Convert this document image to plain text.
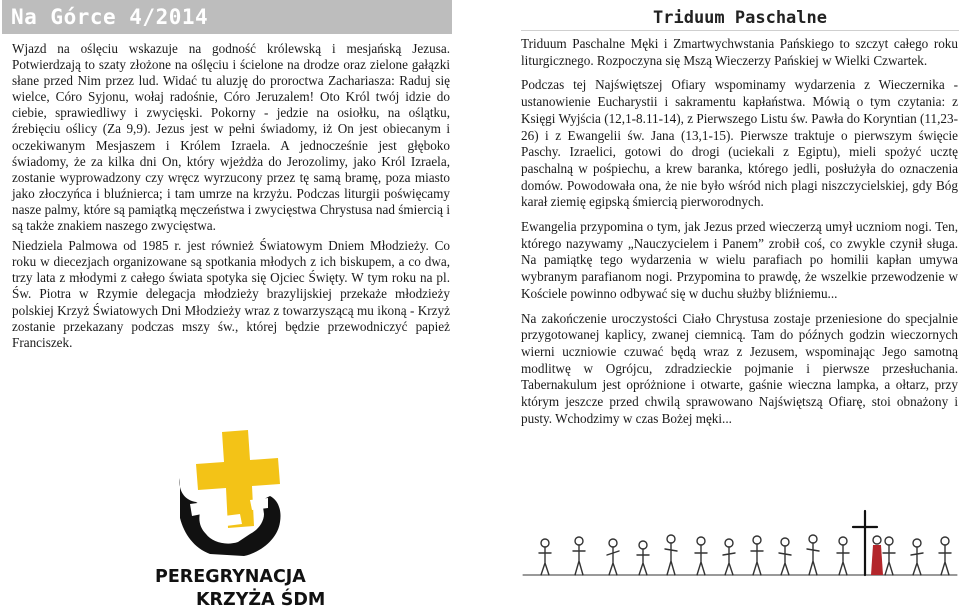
Na Górce 4/2014

Wjazd na oślęciu wskazuje na godność królewską i mesjańską Jezusa. Potwierdzają to szaty złożone na oślęciu i ścielone na drodze oraz zielone gałązki słane przed Nim przez lud. Widać tu aluzję do proroctwa Zachariasza: Raduj się wielce, Córo Syjonu, wołaj radośnie, Córo Jeruzalem! Oto Król twój idzie do ciebie, sprawiedliwy i zwycięski. Pokorny - jedzie na osiołku, na oślątku, źrebięciu oślicy (Za 9,9). Jezus jest w pełni świadomy, iż On jest obiecanym i oczekiwanym Mesjaszem i Królem Izraela. A jednocześnie jest głęboko świadomy, że za kilka dni On, który wjeżdża do Jerozolimy, jako Król Izraela, zostanie wyprowadzony czy wręcz wyrzucony przez tę samą bramę, poza miasto jako złoczyńca i bluźnierca; i tam umrze na krzyżu. Podczas liturgii poświęcamy nasze palmy, które są pamiątką męczeństwa i zwycięstwa Chrystusa nad śmiercią i są także znakiem naszego zwycięstwa.

Niedziela Palmowa od 1985 r. jest również Światowym Dniem Młodzieży. Co roku w diecezjach organizowane są spotkania młodych z ich biskupem, a co dwa, trzy lata z młodymi z całego świata spotyka się Ojciec Święty. W tym roku na pl. Św. Piotra w Rzymie delegacja młodzieży brazylijskiej przekaże młodzieży polskiej Krzyż Światowych Dni Młodzieży wraz z towarzyszącą mu ikoną - Krzyż zostanie przekazany podczas mszy św., której będzie przewodniczyć papież Franciszek.

Triduum Paschalne

Triduum Paschalne Męki i Zmartwychwstania Pańskiego to szczyt całego roku liturgicznego. Rozpoczyna się Mszą Wieczerzy Pańskiej w Wielki Czwartek.

Podczas tej Najświętszej Ofiary wspominamy wydarzenia z Wieczernika - ustanowienie Eucharystii i sakramentu kapłaństwa. Mówią o tym czytania: z Księgi Wyjścia (12,1-8.11-14), z Pierwszego Listu św. Pawła do Koryntian (11,23-26) i z Ewangelii św. Jana (13,1-15). Pierwsze traktuje o pierwszym święcie Paschy. Izraelici, gotowi do drogi (uciekali z Egiptu), mieli spożyć ucztę paschalną w pośpiechu, a krew baranka, którego jedli, posłużyła do oznaczenia domów. Powodowała ona, że nie było wśród nich plagi niszczycielskiej, gdy Bóg karał ziemię egipską śmiercią pierworodnych.

Ewangelia przypomina o tym, jak Jezus przed wieczerzą umył uczniom nogi. Ten, którego nazywamy „Nauczycielem i Panem” zrobił coś, co zwykle czynił sługa. Na pamiątkę tego wydarzenia w wielu parafiach po homilii kapłan umywa wybranym parafianom nogi. Przypomina to prawdę, że wszelkie przewodzenie w Kościele powinno odbywać się w duchu służby bliźniemu...

Na zakończenie uroczystości Ciało Chrystusa zostaje przeniesione do specjalnie przygotowanej kaplicy, zwanej ciemnicą. Tam do późnych godzin wieczornych wierni uczniowie czuwać będą wraz z Jezusem, wspominając Jego samotną modlitwę w Ogrójcu, zdradzieckie pojmanie i pierwsze przesłuchania. Tabernakulum jest opróżnione i otwarte, gaśnie wieczna lampka, a ołtarz, przy którym jeszcze przed chwilą sprawowano Najświętszą Ofiarę, stoi obnażony i pusty. Wchodzimy w czas Bożej męki...

PEREGRYNACJA
KRZYŻA ŚDM
